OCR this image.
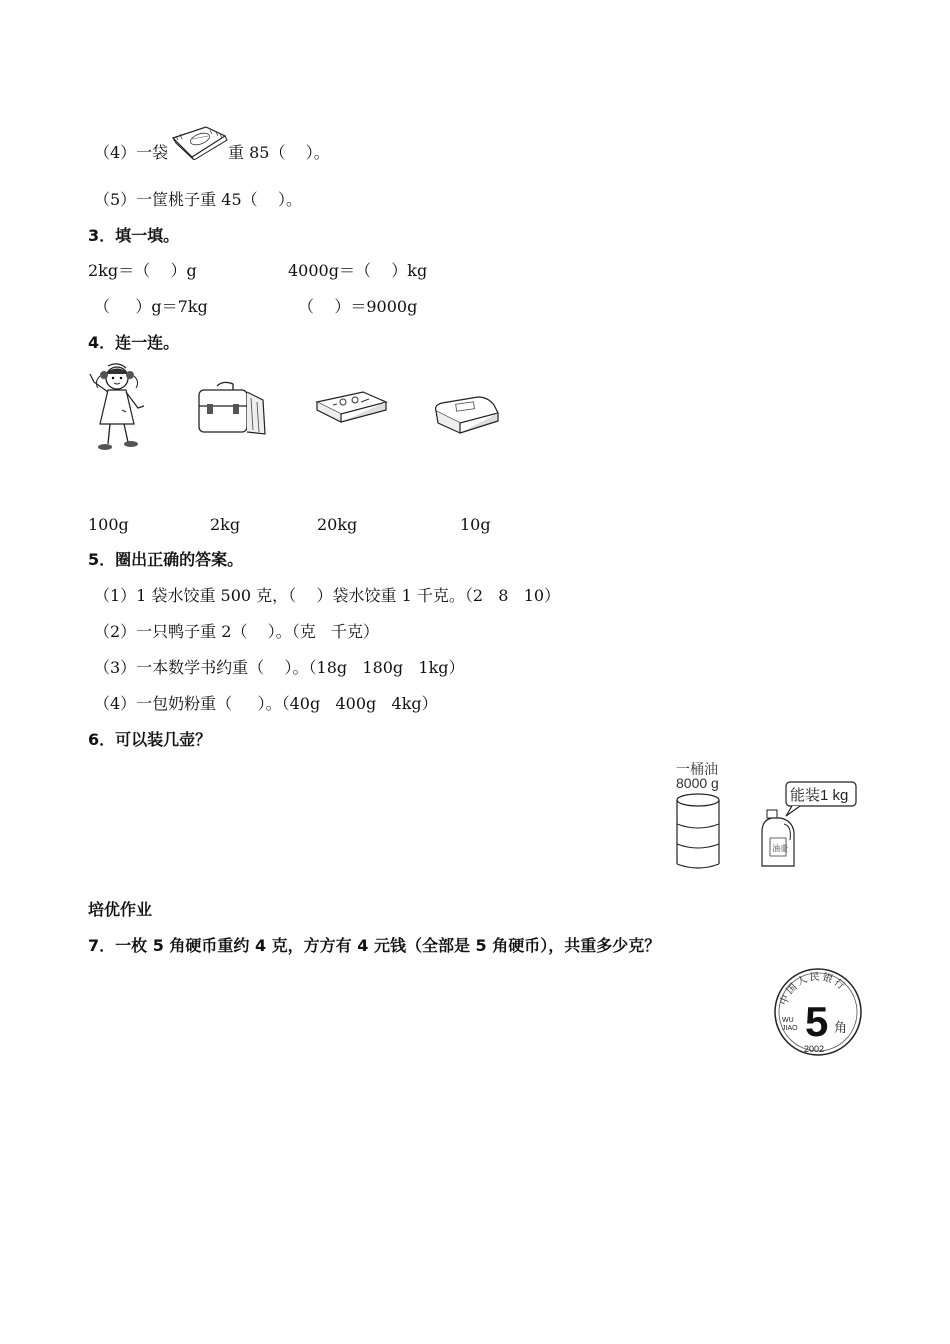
（4）一袋	重 85（    ）。
（5）一筐桃子重 45（    ）。
3．填一填。
2kg＝（    ）g	4000g＝（    ）kg
（     ）g＝7kg	（    ）＝9000g
4．连一连。
100g	2kg	20kg	10g
5．圈出正确的答案。
（1）1 袋水饺重 500 克，（    ）袋水饺重 1 千克。（2   8   10）
（2）一只鸭子重 2（    ）。（克   千克）
（3）一本数学书约重（    ）。（18g   180g   1kg）
（4）一包奶粉重（     ）。（40g   400g   4kg）
6．可以装几壶？
一桶油
8000 g
能装1 kg
油壶
培优作业
7．一枚 5 角硬币重约 4 克，方方有 4 元钱（全部是 5 角硬币），共重多少克？
中国人民银行
5 角
WU
JIAO
2002
